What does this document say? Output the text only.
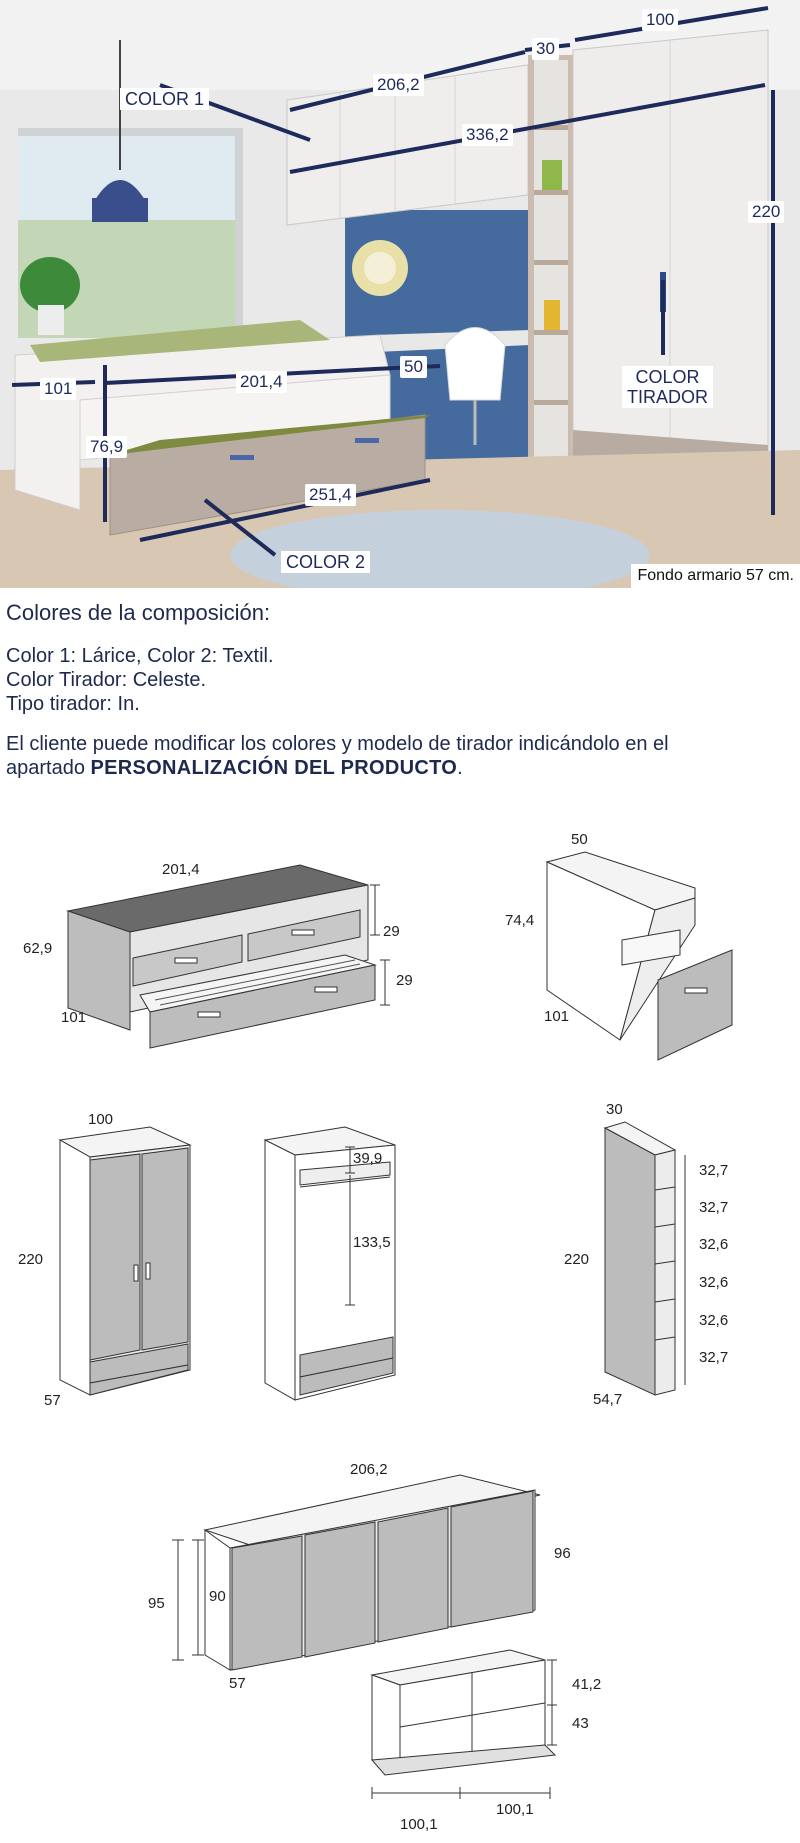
100
30
206,2
336,2
220
101	201,4
50
76,9
251,4
COLOR 1
COLOR 2
COLOR
TIRADOR
Fondo armario 57 cm.
Colores de la composición:

Color 1: Lárice, Color 2: Textil.

Color Tirador: Celeste.

Tipo tirador: In.

El cliente puede modificar los colores y modelo de tirador indicándolo en el

apartado PERSONALIZACIÓN DEL PRODUCTO.

201,4
62,9
101
29
29
50
74,4
101
100
220
57
39,9
133,5
30
220
54,7
32,7
32,7
32,6
32,6
32,6
32,7
206,2
95	90
96
57	41,2
43
100,1
100,1
